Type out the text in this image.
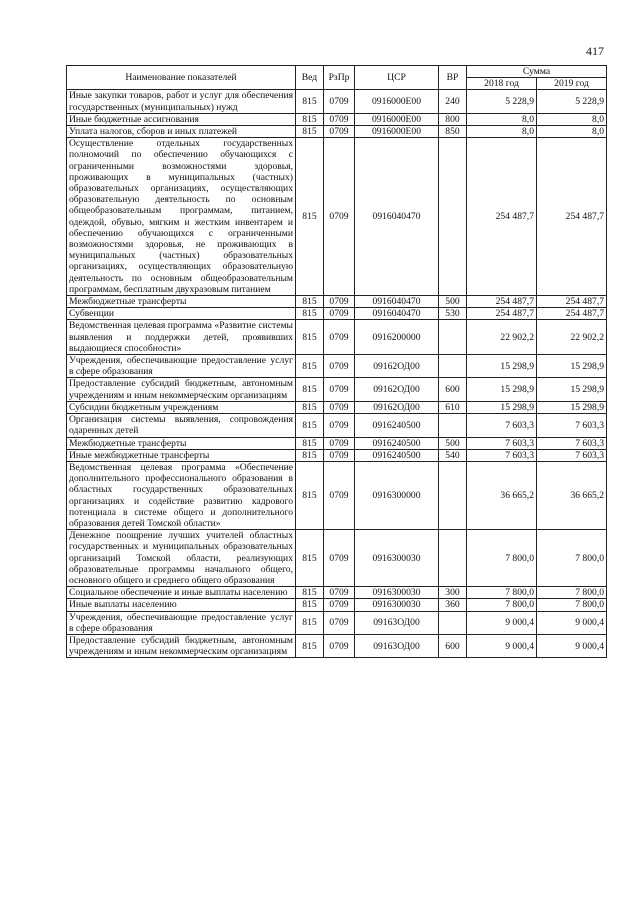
417
Наименование показателей	Вед	РзПр	ЦСР	ВР	Сумма	
					2018 год	2019 год
Иные закупки товаров, работ и услуг для обеспечения государственных (муниципальных) нужд	815	0709	0916000Е00	240	5 228,9	5 228,9
Иные бюджетные ассигнования	815	0709	0916000Е00	800	8,0	8,0
Уплата налогов, сборов и иных платежей	815	0709	0916000Е00	850	8,0	8,0
Осуществление отдельных государственных полномочий по обеспечению обучающихся с ограниченными возможностями здоровья, проживающих в муниципальных (частных) образовательных организациях, осуществляющих образовательную деятельность по основным общеобразовательным программам, питанием, одеждой, обувью, мягким и жестким инвентарем и обеспечению обучающихся с ограниченными возможностями здоровья, не проживающих в муниципальных (частных) образовательных организациях, осуществляющих образовательную деятельность по основным общеобразовательным программам, бесплатным двухразовым питанием	815	0709	0916040470		254 487,7	254 487,7
Межбюджетные трансферты	815	0709	0916040470	500	254 487,7	254 487,7
Субвенции	815	0709	0916040470	530	254 487,7	254 487,7
Ведомственная целевая программа «Развитие системы выявления и поддержки детей, проявивших выдающиеся способности»	815	0709	0916200000		22 902,2	22 902,2
Учреждения, обеспечивающие предоставление услуг в сфере образования	815	0709	09162ОД00		15 298,9	15 298,9
Предоставление субсидий бюджетным, автономным учреждениям и иным некоммерческим организациям	815	0709	09162ОД00	600	15 298,9	15 298,9
Субсидии бюджетным учреждениям	815	0709	09162ОД00	610	15 298,9	15 298,9
Организация системы выявления, сопровождения одаренных детей	815	0709	0916240500		7 603,3	7 603,3
Межбюджетные трансферты	815	0709	0916240500	500	7 603,3	7 603,3
Иные межбюджетные трансферты	815	0709	0916240500	540	7 603,3	7 603,3
Ведомственная целевая программа «Обеспечение дополнительного профессионального образования в областных государственных образовательных организациях и содействие развитию кадрового потенциала в системе общего и дополнительного образования детей Томской области»	815	0709	0916300000		36 665,2	36 665,2
Денежное поощрение лучших учителей областных государственных и муниципальных образовательных организаций Томской области, реализующих образовательные программы начального общего, основного общего и среднего общего образования	815	0709	0916300030		7 800,0	7 800,0
Социальное обеспечение и иные выплаты населению	815	0709	0916300030	300	7 800,0	7 800,0
Иные выплаты населению	815	0709	0916300030	360	7 800,0	7 800,0
Учреждения, обеспечивающие предоставление услуг в сфере образования	815	0709	09163ОД00		9 000,4	9 000,4
Предоставление субсидий бюджетным, автономным учреждениям и иным некоммерческим организациям	815	0709	09163ОД00	600	9 000,4	9 000,4
